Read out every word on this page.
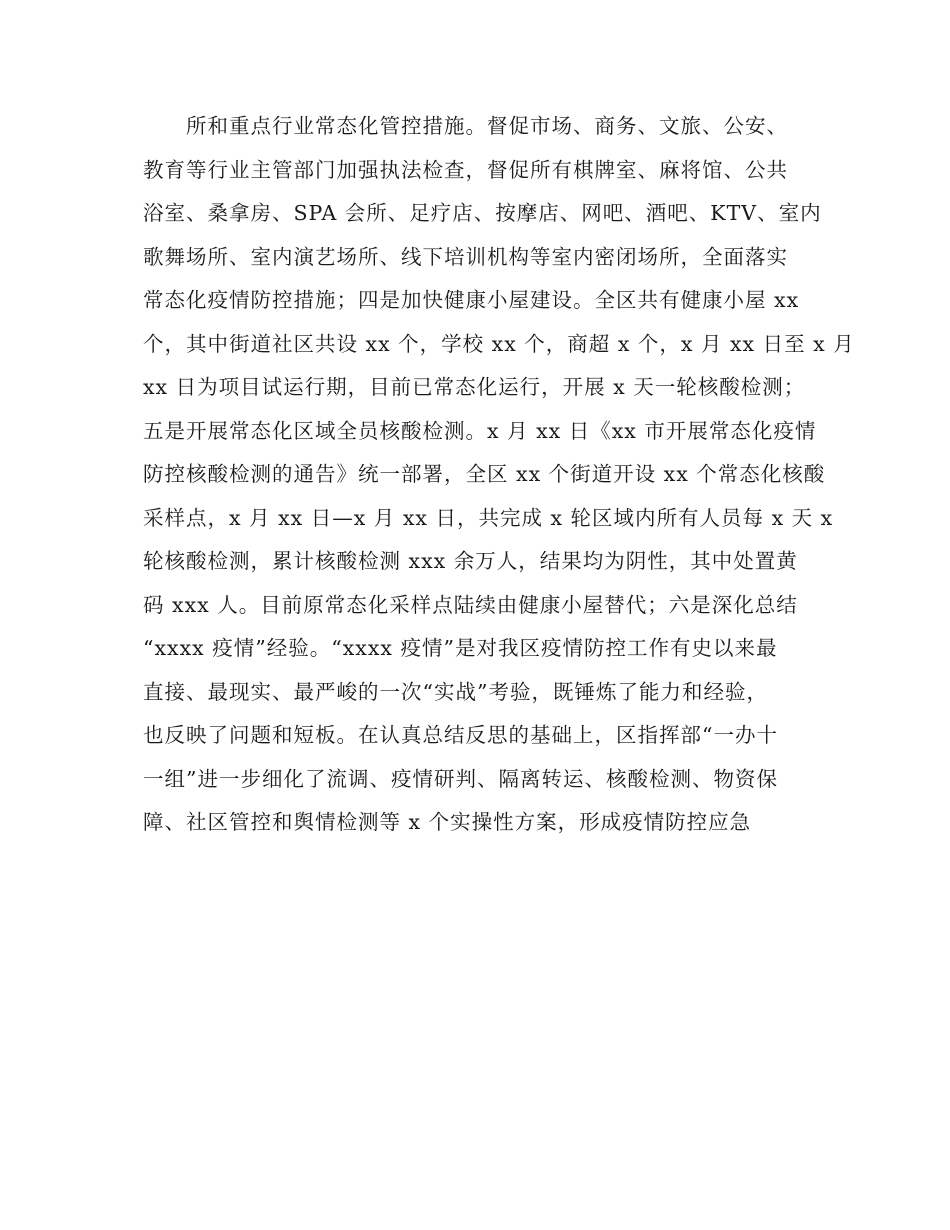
　　所和重点行业常态化管控措施。督促市场、商务、文旅、公安、
教育等行业主管部门加强执法检查，督促所有棋牌室、麻将馆、公共
浴室、桑拿房、SPA 会所、足疗店、按摩店、网吧、酒吧、KTV、室内
歌舞场所、室内演艺场所、线下培训机构等室内密闭场所，全面落实
常态化疫情防控措施；四是加快健康小屋建设。全区共有健康小屋 xx
个，其中街道社区共设 xx 个，学校 xx 个，商超 x 个，x 月 xx 日至 x 月
xx 日为项目试运行期，目前已常态化运行，开展 x 天一轮核酸检测；
五是开展常态化区域全员核酸检测。x 月 xx 日《xx 市开展常态化疫情
防控核酸检测的通告》统一部署，全区 xx 个街道开设 xx 个常态化核酸
采样点，x 月 xx 日—x 月 xx 日，共完成 x 轮区域内所有人员每 x 天 x
轮核酸检测，累计核酸检测 xxx 余万人，结果均为阴性，其中处置黄
码 xxx 人。目前原常态化采样点陆续由健康小屋替代；六是深化总结
“xxxx 疫情”经验。“xxxx 疫情”是对我区疫情防控工作有史以来最
直接、最现实、最严峻的一次“实战”考验，既锤炼了能力和经验，
也反映了问题和短板。在认真总结反思的基础上，区指挥部“一办十
一组”进一步细化了流调、疫情研判、隔离转运、核酸检测、物资保
障、社区管控和舆情检测等 x 个实操性方案，形成疫情防控应急
